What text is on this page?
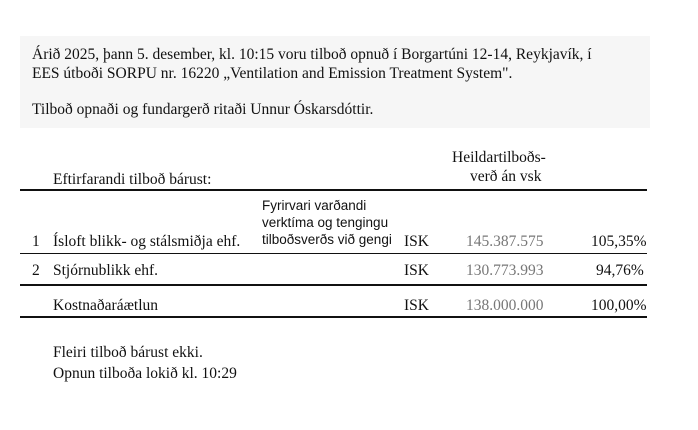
Árið 2025, þann 5. desember, kl. 10:15 voru tilboð opnuð í Borgartúni 12-14, Reykjavík, í
EES útboði SORPU nr. 16220 „Ventilation and Emission Treatment System".
Tilboð opnaði og fundargerð ritaði Unnur Óskarsdóttir.
Heildartilboðs-
verð án vsk
Eftirfarandi tilboð bárust:
Fyrirvari varðandi
verktíma og tengingu
tilboðsverðs við gengi
1 Ísloft blikk- og stálsmiðja ehf.	ISK 145.387.575	105,35%
2 Stjórnublikk ehf.	ISK 130.773.993	94,76%
Kostnaðaráætlun	ISK 138.000.000	100,00%
Fleiri tilboð bárust ekki.
Opnun tilboða lokið kl. 10:29
